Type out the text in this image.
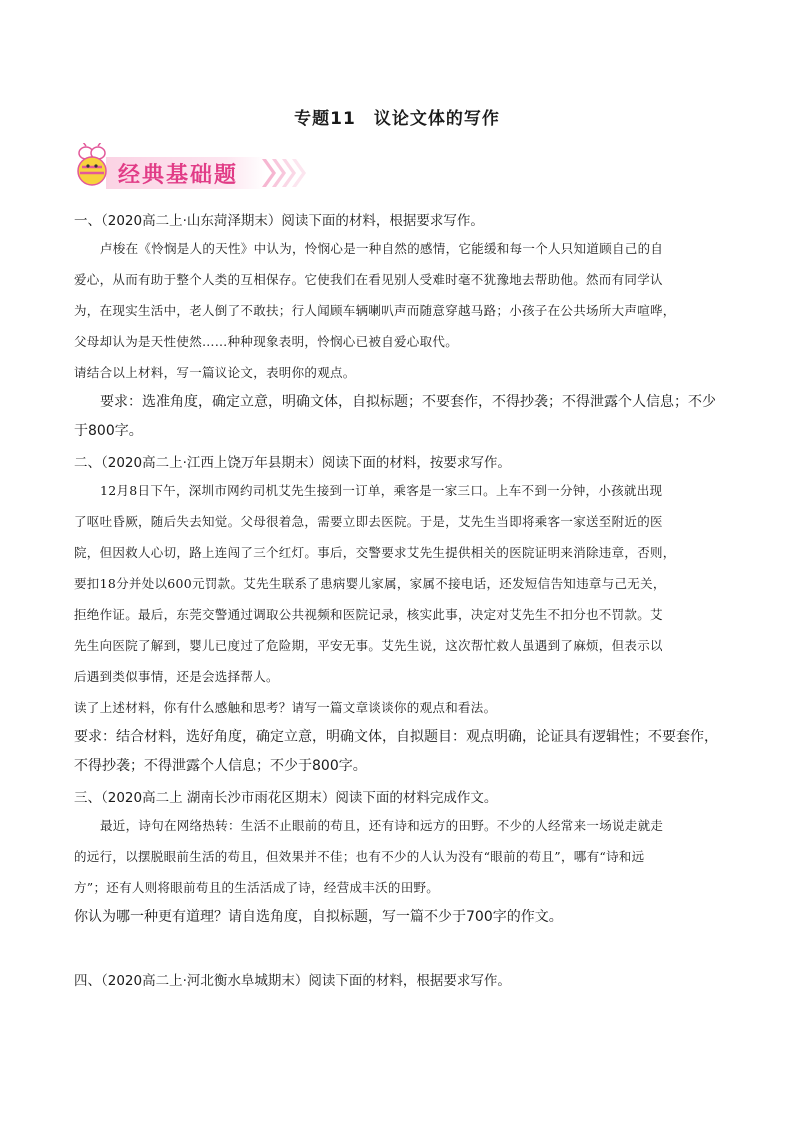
专题11　议论文体的写作
经典基础题
一、（2020高二上·山东菏泽期末）阅读下面的材料，根据要求写作。
卢梭在《怜悯是人的天性》中认为，怜悯心是一种自然的感情，它能缓和每一个人只知道顾自己的自
爱心，从而有助于整个人类的互相保存。它使我们在看见别人受难时毫不犹豫地去帮助他。然而有同学认
为，在现实生活中，老人倒了不敢扶；行人闻顾车辆喇叭声而随意穿越马路；小孩子在公共场所大声喧哗，
父母却认为是天性使然……种种现象表明，怜悯心已被自爱心取代。
请结合以上材料，写一篇议论文，表明你的观点。
要求：选准角度，确定立意，明确文体，自拟标题；不要套作，不得抄袭；不得泄露个人信息；不少
于800字。
二、（2020高二上·江西上饶万年县期末）阅读下面的材料，按要求写作。
12月8日下午，深圳市网约司机艾先生接到一订单，乘客是一家三口。上车不到一分钟，小孩就出现
了呕吐昏厥，随后失去知觉。父母很着急，需要立即去医院。于是，艾先生当即将乘客一家送至附近的医
院，但因救人心切，路上连闯了三个红灯。事后，交警要求艾先生提供相关的医院证明来消除违章，否则，
要扣18分并处以600元罚款。艾先生联系了患病婴儿家属，家属不接电话，还发短信告知违章与己无关，
拒绝作证。最后，东莞交警通过调取公共视频和医院记录，核实此事，决定对艾先生不扣分也不罚款。艾
先生向医院了解到，婴儿已度过了危险期，平安无事。艾先生说，这次帮忙救人虽遇到了麻烦，但表示以
后遇到类似事情，还是会选择帮人。
读了上述材料，你有什么感触和思考？请写一篇文章谈谈你的观点和看法。
要求：结合材料，选好角度，确定立意，明确文体，自拟题目：观点明确，论证具有逻辑性；不要套作，
不得抄袭；不得泄露个人信息；不少于800字。
三、（2020高二上 湖南长沙市雨花区期末）阅读下面的材料完成作文。
最近，诗句在网络热转：生活不止眼前的苟且，还有诗和远方的田野。不少的人经常来一场说走就走
的远行，以摆脱眼前生活的苟且，但效果并不佳；也有不少的人认为没有“眼前的苟且”，哪有“诗和远
方”；还有人则将眼前苟且的生活活成了诗，经营成丰沃的田野。
你认为哪一种更有道理？请自选角度，自拟标题，写一篇不少于700字的作文。
四、（2020高二上·河北衡水阜城期末）阅读下面的材料，根据要求写作。
